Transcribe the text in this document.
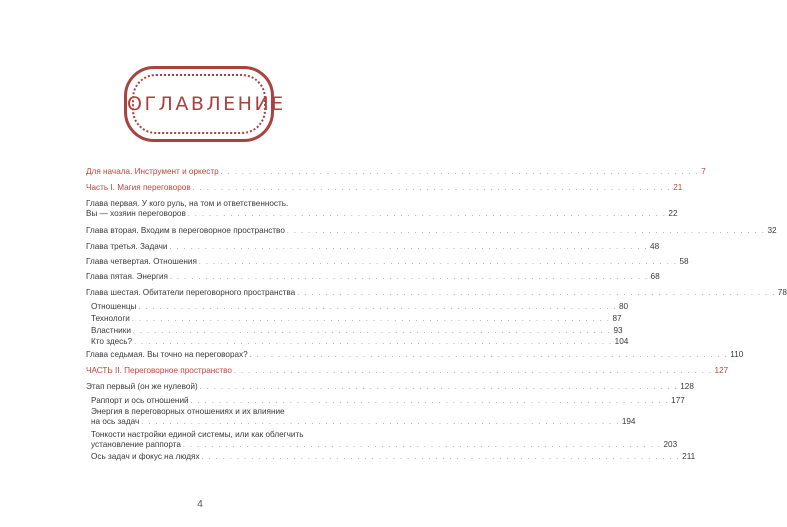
ОГЛАВЛЕНИЕ
Для начала. Инструмент и оркестр . . . . . . . . . . . . . . . . . . . . . . . . . . . . . . . . . . . . . . . . . . . . . . . . . . . . . . . . . . . . . . . . . . . . 7
Часть I. Магия переговоров . . . . . . . . . . . . . . . . . . . . . . . . . . . . . . . . . . . . . . . . . . . . . . . . . . . . . . . . . . . . . . . . . . . . 21
Глава первая. У кого руль, на том и ответственность.
Вы — хозяин переговоров . . . . . . . . . . . . . . . . . . . . . . . . . . . . . . . . . . . . . . . . . . . . . . . . . . . . . . . . . . . . . . . . . . . . 22
Глава вторая. Входим в переговорное пространство . . . . . . . . . . . . . . . . . . . . . . . . . . . . . . . . . . . . . . . . . . . . . . . . . . . . . . . . . . . . . . . . . . . . 32
Глава третья. Задачи . . . . . . . . . . . . . . . . . . . . . . . . . . . . . . . . . . . . . . . . . . . . . . . . . . . . . . . . . . . . . . . . . . . . 48
Глава четвертая. Отношения . . . . . . . . . . . . . . . . . . . . . . . . . . . . . . . . . . . . . . . . . . . . . . . . . . . . . . . . . . . . . . . . . . . . 58
Глава пятая. Энергия . . . . . . . . . . . . . . . . . . . . . . . . . . . . . . . . . . . . . . . . . . . . . . . . . . . . . . . . . . . . . . . . . . . . 68
Глава шестая. Обитатели переговорного пространства . . . . . . . . . . . . . . . . . . . . . . . . . . . . . . . . . . . . . . . . . . . . . . . . . . . . . . . . . . . . . . . . . . . . 78
Отношенцы . . . . . . . . . . . . . . . . . . . . . . . . . . . . . . . . . . . . . . . . . . . . . . . . . . . . . . . . . . . . . . . . . . . . 80
Технологи . . . . . . . . . . . . . . . . . . . . . . . . . . . . . . . . . . . . . . . . . . . . . . . . . . . . . . . . . . . . . . . . . . . . 87
Властники . . . . . . . . . . . . . . . . . . . . . . . . . . . . . . . . . . . . . . . . . . . . . . . . . . . . . . . . . . . . . . . . . . . . 93
Кто здесь? . . . . . . . . . . . . . . . . . . . . . . . . . . . . . . . . . . . . . . . . . . . . . . . . . . . . . . . . . . . . . . . . . . . . 104
Глава седьмая. Вы точно на переговорах? . . . . . . . . . . . . . . . . . . . . . . . . . . . . . . . . . . . . . . . . . . . . . . . . . . . . . . . . . . . . . . . . . . . . 110
ЧАСТЬ II. Переговорное пространство . . . . . . . . . . . . . . . . . . . . . . . . . . . . . . . . . . . . . . . . . . . . . . . . . . . . . . . . . . . . . . . . . . . . 127
Этап первый (он же нулевой) . . . . . . . . . . . . . . . . . . . . . . . . . . . . . . . . . . . . . . . . . . . . . . . . . . . . . . . . . . . . . . . . . . . . 128
Раппорт и ось отношений . . . . . . . . . . . . . . . . . . . . . . . . . . . . . . . . . . . . . . . . . . . . . . . . . . . . . . . . . . . . . . . . . . . . 177
Энергия в переговорных отношениях и их влияние
на ось задач . . . . . . . . . . . . . . . . . . . . . . . . . . . . . . . . . . . . . . . . . . . . . . . . . . . . . . . . . . . . . . . . . . . . 194
Тонкости настройки единой системы, или как облегчить
установление раппорта . . . . . . . . . . . . . . . . . . . . . . . . . . . . . . . . . . . . . . . . . . . . . . . . . . . . . . . . . . . . . . . . . . . . 203
Ось задач и фокус на людях . . . . . . . . . . . . . . . . . . . . . . . . . . . . . . . . . . . . . . . . . . . . . . . . . . . . . . . . . . . . . . . . . . . . 211
4
